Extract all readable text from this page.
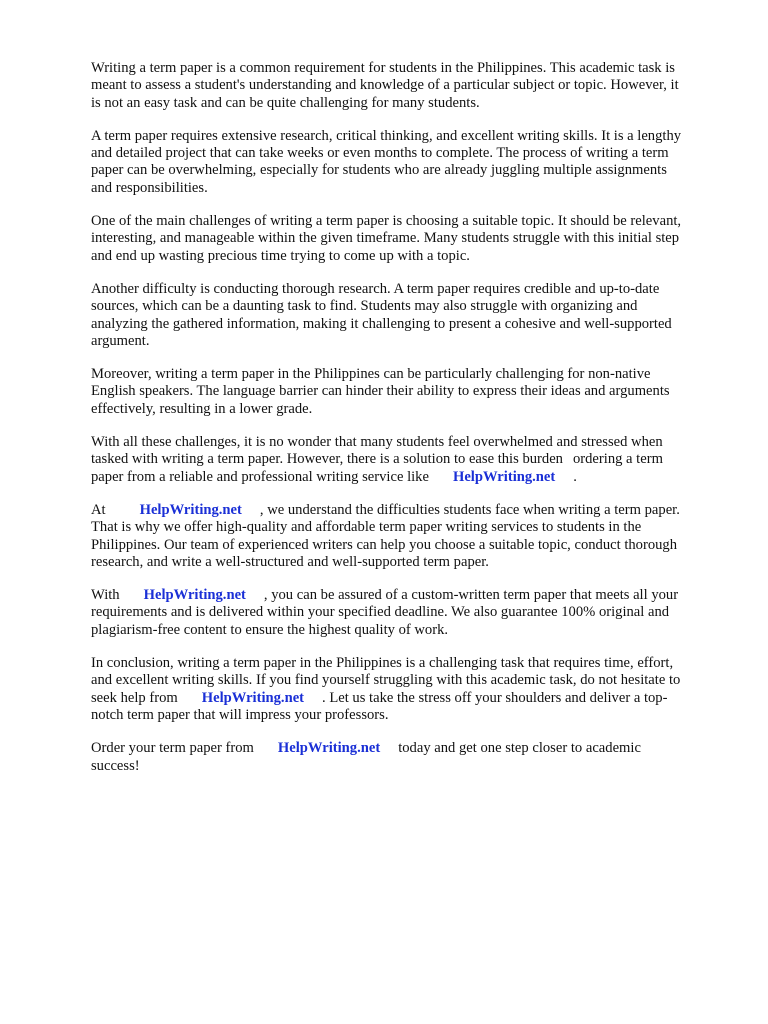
Writing a term paper is a common requirement for students in the Philippines. This academic task is
meant to assess a student's understanding and knowledge of a particular subject or topic. However, it
is not an easy task and can be quite challenging for many students.

A term paper requires extensive research, critical thinking, and excellent writing skills. It is a lengthy
and detailed project that can take weeks or even months to complete. The process of writing a term
paper can be overwhelming, especially for students who are already juggling multiple assignments
and responsibilities.

One of the main challenges of writing a term paper is choosing a suitable topic. It should be relevant,
interesting, and manageable within the given timeframe. Many students struggle with this initial step
and end up wasting precious time trying to come up with a topic.

Another difficulty is conducting thorough research. A term paper requires credible and up-to-date
sources, which can be a daunting task to find. Students may also struggle with organizing and
analyzing the gathered information, making it challenging to present a cohesive and well-supported
argument.

Moreover, writing a term paper in the Philippines can be particularly challenging for non-native
English speakers. The language barrier can hinder their ability to express their ideas and arguments
effectively, resulting in a lower grade.

With all these challenges, it is no wonder that many students feel overwhelmed and stressed when
tasked with writing a term paper. However, there is a solution to ease this burden ordering a term
paper from a reliable and professional writing service like HelpWriting.net .

At HelpWriting.net , we understand the difficulties students face when writing a term paper.
That is why we offer high-quality and affordable term paper writing services to students in the
Philippines. Our team of experienced writers can help you choose a suitable topic, conduct thorough
research, and write a well-structured and well-supported term paper.

With HelpWriting.net , you can be assured of a custom-written term paper that meets all your
requirements and is delivered within your specified deadline. We also guarantee 100% original and
plagiarism-free content to ensure the highest quality of work.

In conclusion, writing a term paper in the Philippines is a challenging task that requires time, effort,
and excellent writing skills. If you find yourself struggling with this academic task, do not hesitate to
seek help from HelpWriting.net . Let us take the stress off your shoulders and deliver a top-
notch term paper that will impress your professors.

Order your term paper from HelpWriting.net today and get one step closer to academic
success!
